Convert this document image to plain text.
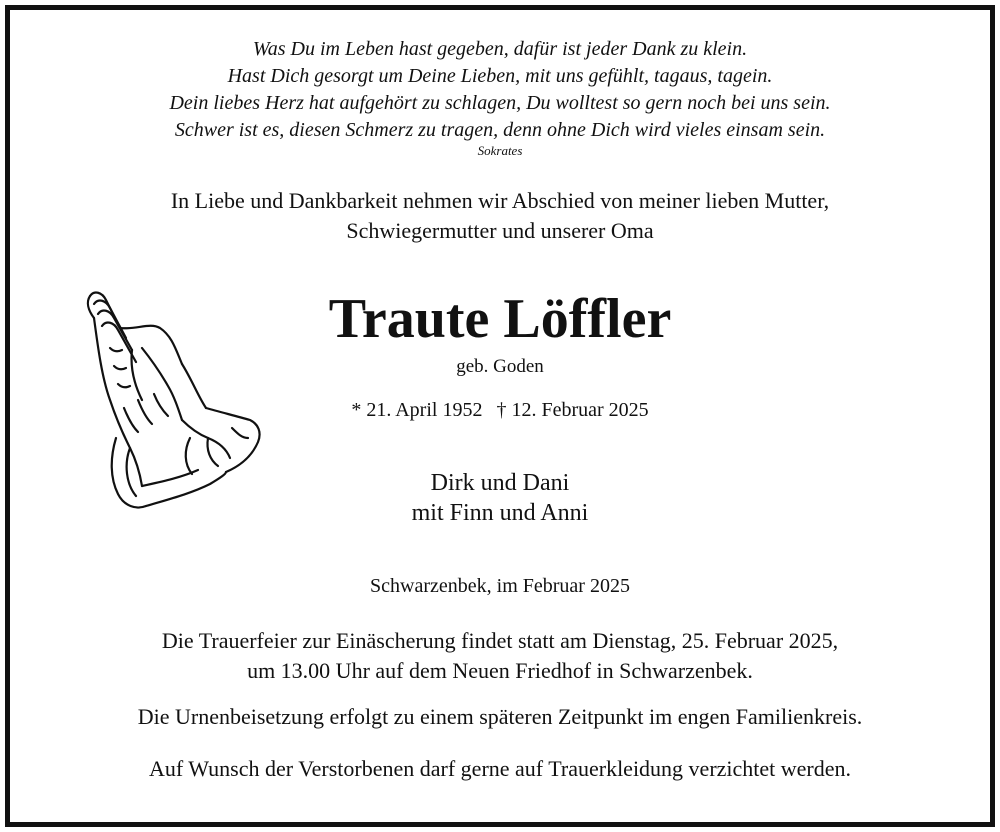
Was Du im Leben hast gegeben, dafür ist jeder Dank zu klein.
Hast Dich gesorgt um Deine Lieben, mit uns gefühlt, tagaus, tagein.
Dein liebes Herz hat aufgehört zu schlagen, Du wolltest so gern noch bei uns sein.
Schwer ist es, diesen Schmerz zu tragen, denn ohne Dich wird vieles einsam sein.
Sokrates
In Liebe und Dankbarkeit nehmen wir Abschied von meiner lieben Mutter,
Schwiegermutter und unserer Oma
Traute Löffler
geb. Goden
* 21. April 1952 † 12. Februar 2025
Dirk und Dani
mit Finn und Anni
Schwarzenbek, im Februar 2025
Die Trauerfeier zur Einäscherung findet statt am Dienstag, 25. Februar 2025,
um 13.00 Uhr auf dem Neuen Friedhof in Schwarzenbek.
Die Urnenbeisetzung erfolgt zu einem späteren Zeitpunkt im engen Familienkreis.
Auf Wunsch der Verstorbenen darf gerne auf Trauerkleidung verzichtet werden.
